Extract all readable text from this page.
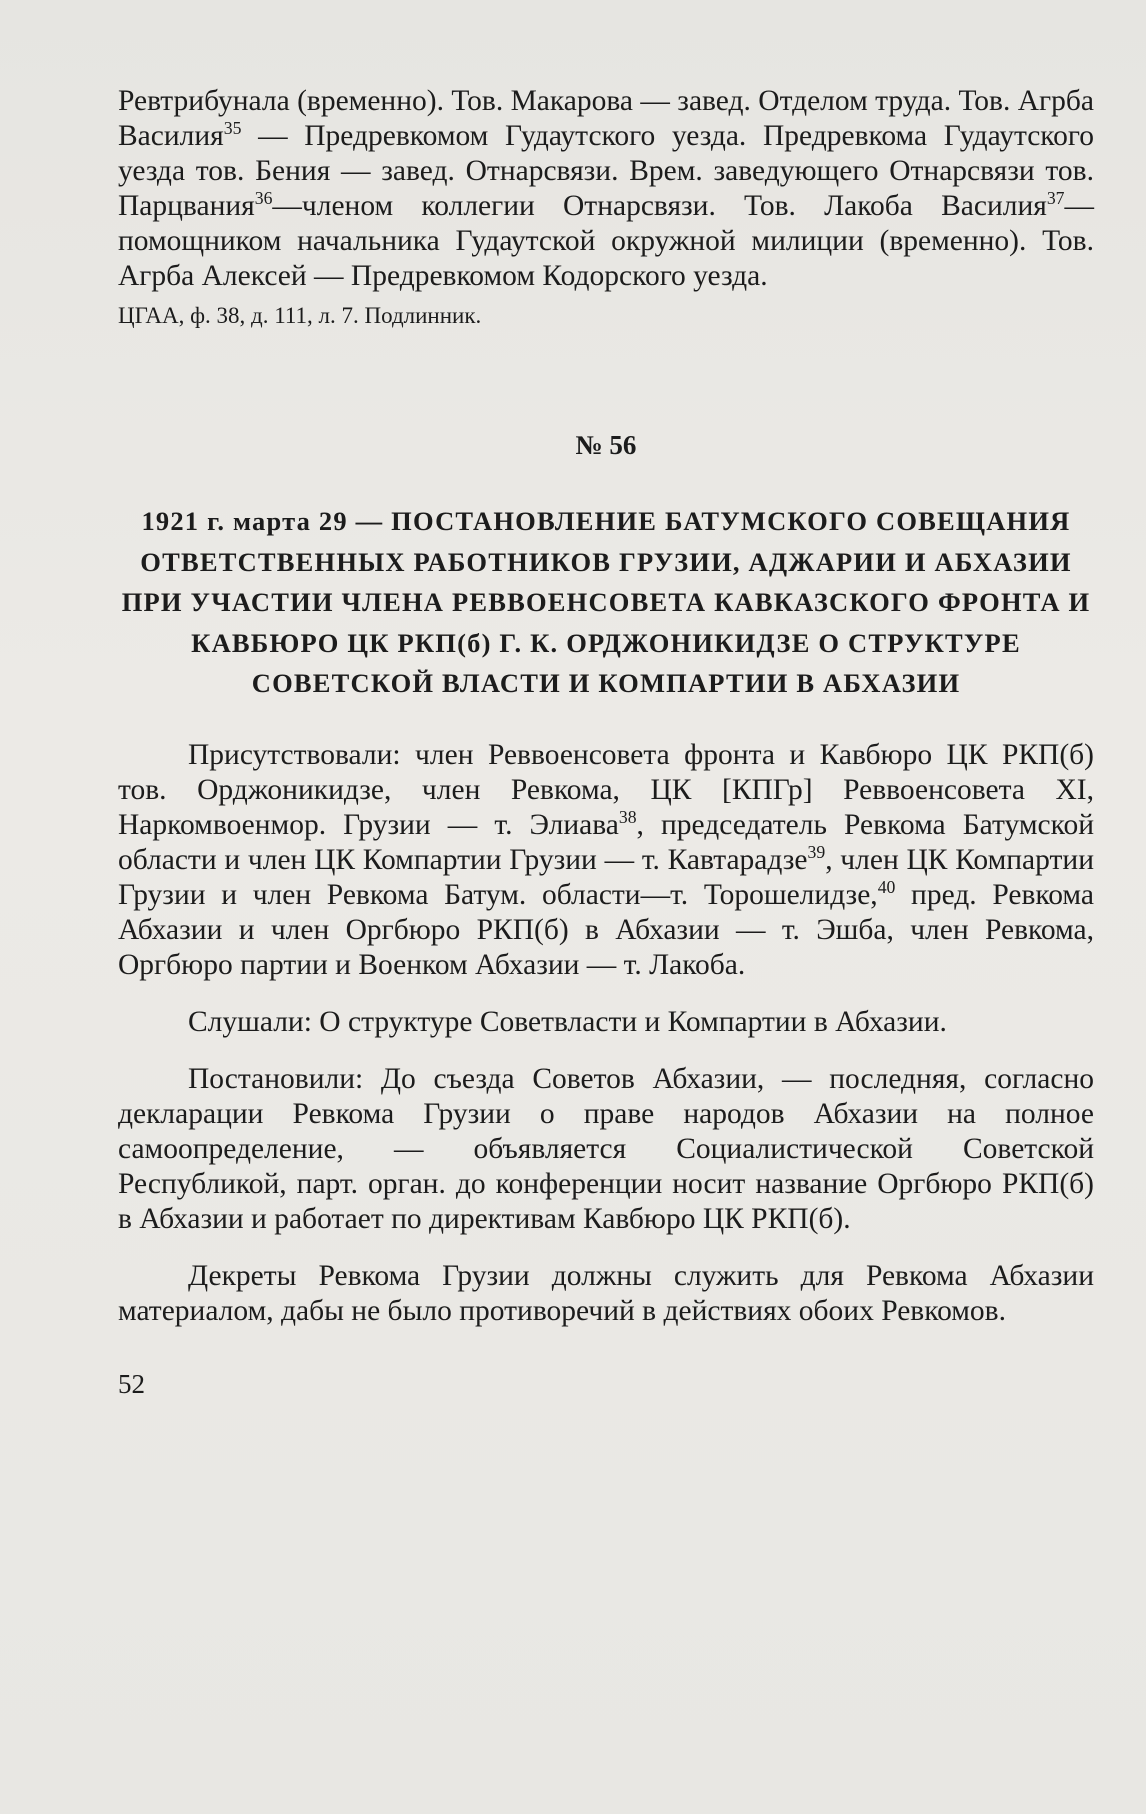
Ревтрибунала (временно). Тов. Макарова — завед. Отделом труда. Тов. Агрба Василия$^{35}$ — Предревкомом Гудаутского уезда. Предревкома Гудаутского уезда тов. Бения — завед. Отнарсвязи. Врем. заведующего Отнарсвязи тов. Парцвания$^{36}$—членом коллегии Отнарсвязи. Тов. Лакоба Василия$^{37}$—помощником начальника Гудаутской окружной милиции (временно). Тов. Агрба Алексей — Предревкомом Кодорского уезда.

ЦГАА, ф. 38, д. 111, л. 7. Подлинник.

№ 56

1921 г. марта 29 — ПОСТАНОВЛЕНИЕ БАТУМСКОГО СОВЕЩАНИЯ ОТВЕТСТВЕННЫХ РАБОТНИКОВ ГРУЗИИ, АДЖАРИИ И АБХАЗИИ ПРИ УЧАСТИИ ЧЛЕНА РЕВВОЕНСОВЕТА КАВКАЗСКОГО ФРОНТА И КАВБЮРО ЦК РКП(б) Г. К. ОРДЖОНИКИДЗЕ О СТРУКТУРЕ СОВЕТСКОЙ ВЛАСТИ И КОМПАРТИИ В АБХАЗИИ

Присутствовали: член Реввоенсовета фронта и Кавбюро ЦК РКП(б) тов. Орджоникидзе, член Ревкома, ЦК [КПГр] Реввоенсовета XI, Наркомвоенмор. Грузии — т. Элиава$^{38}$, председатель Ревкома Батумской области и член ЦК Компартии Грузии — т. Кавтарадзе$^{39}$, член ЦК Компартии Грузии и член Ревкома Батум. области—т. Торошелидзе,$^{40}$ пред. Ревкома Абхазии и член Оргбюро РКП(б) в Абхазии — т. Эшба, член Ревкома, Оргбюро партии и Военком Абхазии — т. Лакоба.

Слушали: О структуре Советвласти и Компартии в Абхазии.

Постановили: До съезда Советов Абхазии, — последняя, согласно декларации Ревкома Грузии о праве народов Абхазии на полное самоопределение, — объявляется Социалистической Советской Республикой, парт. орган. до конференции носит название Оргбюро РКП(б) в Абхазии и работает по директивам Кавбюро ЦК РКП(б).

Декреты Ревкома Грузии должны служить для Ревкома Абхазии материалом, дабы не было противоречий в действиях обоих Ревкомов.

52
